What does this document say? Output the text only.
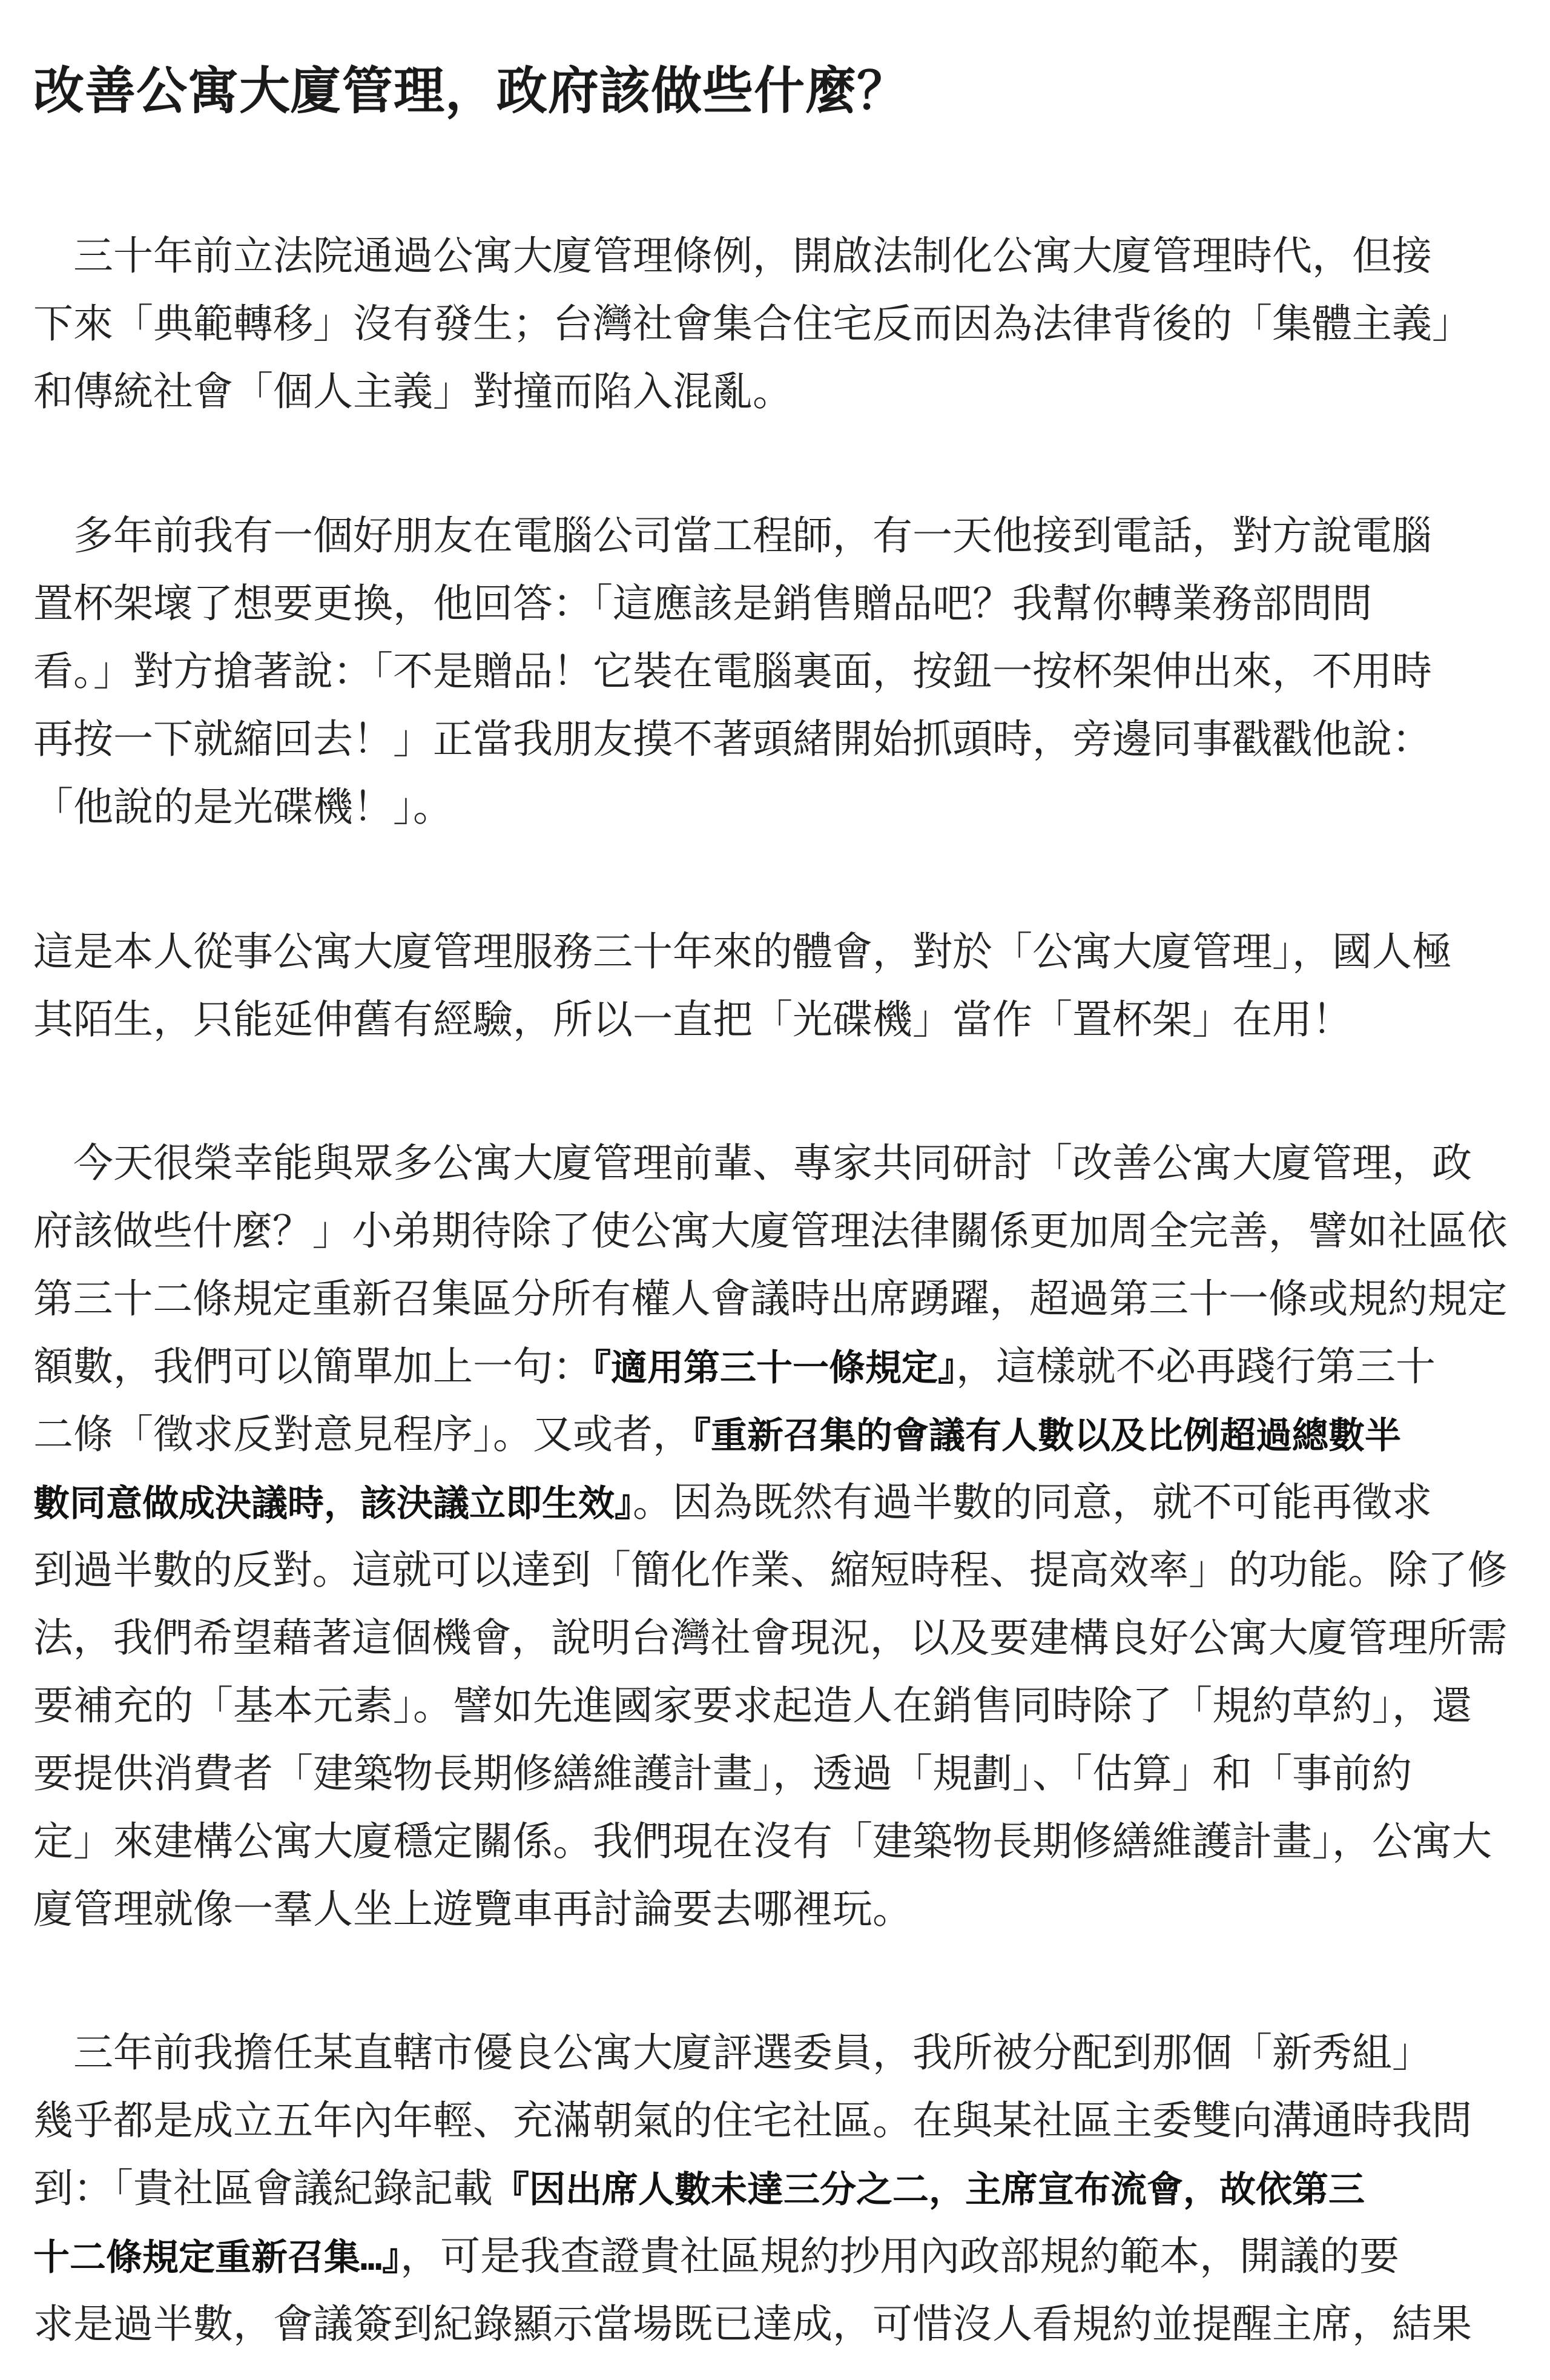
改善公寓大廈管理，政府該做些什麼？
　三十年前立法院通過公寓大廈管理條例，開啟法制化公寓大廈管理時代，但接
下來「典範轉移」沒有發生；台灣社會集合住宅反而因為法律背後的「集體主義」
和傳統社會「個人主義」對撞而陷入混亂。
　多年前我有一個好朋友在電腦公司當工程師，有一天他接到電話，對方說電腦
置杯架壞了想要更換，他回答：「這應該是銷售贈品吧？我幫你轉業務部問問
看。」對方搶著說：「不是贈品！它裝在電腦裏面，按鈕一按杯架伸出來，不用時
再按一下就縮回去！」正當我朋友摸不著頭緒開始抓頭時，旁邊同事戳戳他說：
「他說的是光碟機！」。
這是本人從事公寓大廈管理服務三十年來的體會，對於「公寓大廈管理」，國人極
其陌生，只能延伸舊有經驗，所以一直把「光碟機」當作「置杯架」在用！
　今天很榮幸能與眾多公寓大廈管理前輩、專家共同研討「改善公寓大廈管理，政
府該做些什麼？」小弟期待除了使公寓大廈管理法律關係更加周全完善，譬如社區依
第三十二條規定重新召集區分所有權人會議時出席踴躍，超過第三十一條或規約規定
額數，我們可以簡單加上一句：『適用第三十一條規定』，這樣就不必再踐行第三十
二條「徵求反對意見程序」。又或者，『重新召集的會議有人數以及比例超過總數半
數同意做成決議時，該決議立即生效』。因為既然有過半數的同意，就不可能再徵求
到過半數的反對。這就可以達到「簡化作業、縮短時程、提高效率」的功能。除了修
法，我們希望藉著這個機會，說明台灣社會現況，以及要建構良好公寓大廈管理所需
要補充的「基本元素」。譬如先進國家要求起造人在銷售同時除了「規約草約」，還
要提供消費者「建築物長期修繕維護計畫」，透過「規劃」、「估算」和「事前約
定」來建構公寓大廈穩定關係。我們現在沒有「建築物長期修繕維護計畫」，公寓大
廈管理就像一羣人坐上遊覽車再討論要去哪裡玩。
　三年前我擔任某直轄市優良公寓大廈評選委員，我所被分配到那個「新秀組」
幾乎都是成立五年內年輕、充滿朝氣的住宅社區。在與某社區主委雙向溝通時我問
到：「貴社區會議紀錄記載『因出席人數未達三分之二，主席宣布流會，故依第三
十二條規定重新召集…』，可是我查證貴社區規約抄用內政部規約範本，開議的要
求是過半數，會議簽到紀錄顯示當場既已達成，可惜沒人看規約並提醒主席，結果
